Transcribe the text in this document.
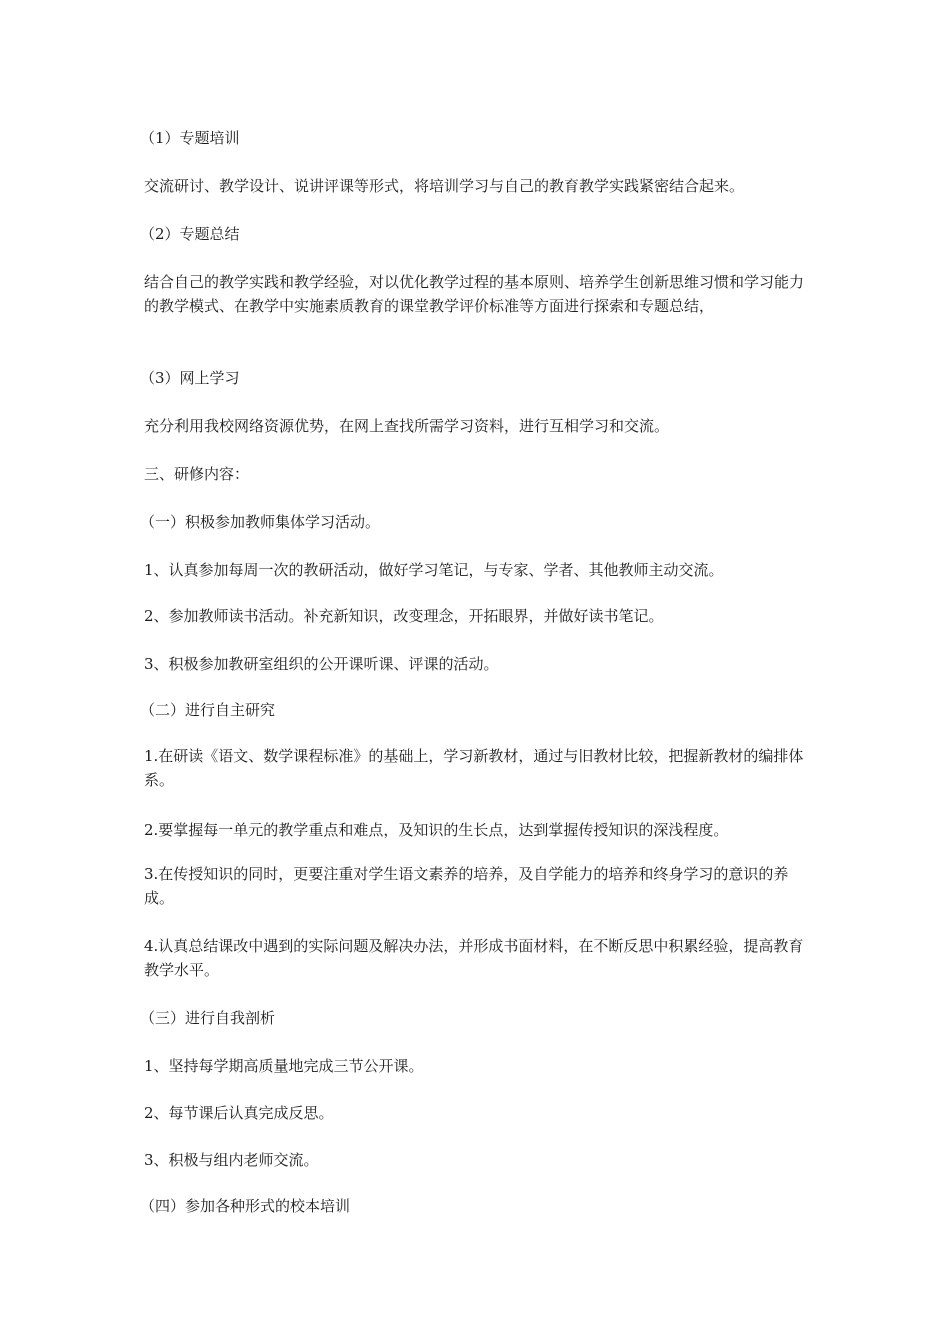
（1）专题培训

交流研讨、教学设计、说讲评课等形式，将培训学习与自己的教育教学实践紧密结合起来。

（2）专题总结

结合自己的教学实践和教学经验，对以优化教学过程的基本原则、培养学生创新思维习惯和学习能力的教学模式、在教学中实施素质教育的课堂教学评价标准等方面进行探索和专题总结，

（3）网上学习

充分利用我校网络资源优势，在网上查找所需学习资料，进行互相学习和交流。

三、研修内容：

（一）积极参加教师集体学习活动。

1、认真参加每周一次的教研活动，做好学习笔记，与专家、学者、其他教师主动交流。

2、参加教师读书活动。补充新知识，改变理念，开拓眼界，并做好读书笔记。

3、积极参加教研室组织的公开课听课、评课的活动。

（二）进行自主研究

1.在研读《语文、数学课程标准》的基础上，学习新教材，通过与旧教材比较，把握新教材的编排体系。

2.要掌握每一单元的教学重点和难点，及知识的生长点，达到掌握传授知识的深浅程度。

3.在传授知识的同时，更要注重对学生语文素养的培养，及自学能力的培养和终身学习的意识的养成。

4.认真总结课改中遇到的实际问题及解决办法，并形成书面材料，在不断反思中积累经验，提高教育教学水平。

（三）进行自我剖析

1、坚持每学期高质量地完成三节公开课。

2、每节课后认真完成反思。

3、积极与组内老师交流。

（四）参加各种形式的校本培训
